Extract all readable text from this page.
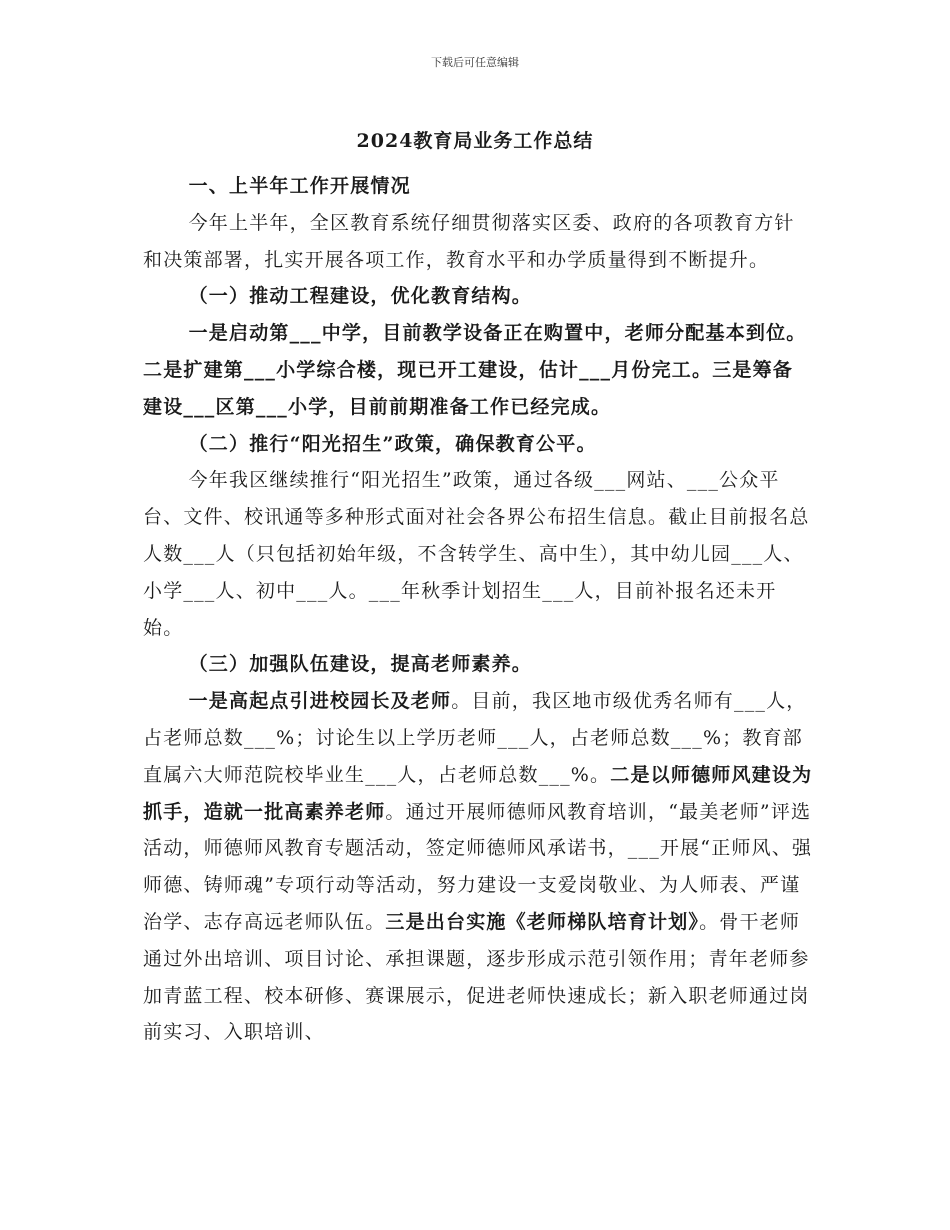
下载后可任意编辑
2024教育局业务工作总结

一、上半年工作开展情况

今年上半年，全区教育系统仔细贯彻落实区委、政府的各项教育方针和决策部署，扎实开展各项工作，教育水平和办学质量得到不断提升。

（一）推动工程建设，优化教育结构。

一是启动第___中学，目前教学设备正在购置中，老师分配基本到位。二是扩建第___小学综合楼，现已开工建设，估计___月份完工。三是筹备建设___区第___小学，目前前期准备工作已经完成。

（二）推行“阳光招生”政策，确保教育公平。

今年我区继续推行“阳光招生”政策，通过各级___网站、___公众平台、文件、校讯通等多种形式面对社会各界公布招生信息。截止目前报名总人数___人（只包括初始年级，不含转学生、高中生），其中幼儿园___人、小学___人、初中___人。___年秋季计划招生___人，目前补报名还未开始。

（三）加强队伍建设，提高老师素养。

一是高起点引进校园长及老师。目前，我区地市级优秀名师有___人，占老师总数___%；讨论生以上学历老师___人，占老师总数___%；教育部直属六大师范院校毕业生___人，占老师总数___%。二是以师德师风建设为抓手，造就一批高素养老师。通过开展师德师风教育培训，“最美老师”评选活动，师德师风教育专题活动，签定师德师风承诺书，___开展“正师风、强师德、铸师魂”专项行动等活动，努力建设一支爱岗敬业、为人师表、严谨治学、志存高远老师队伍。三是出台实施《老师梯队培育计划》。骨干老师通过外出培训、项目讨论、承担课题，逐步形成示范引领作用；青年老师参加青蓝工程、校本研修、赛课展示，促进老师快速成长；新入职老师通过岗前实习、入职培训、
